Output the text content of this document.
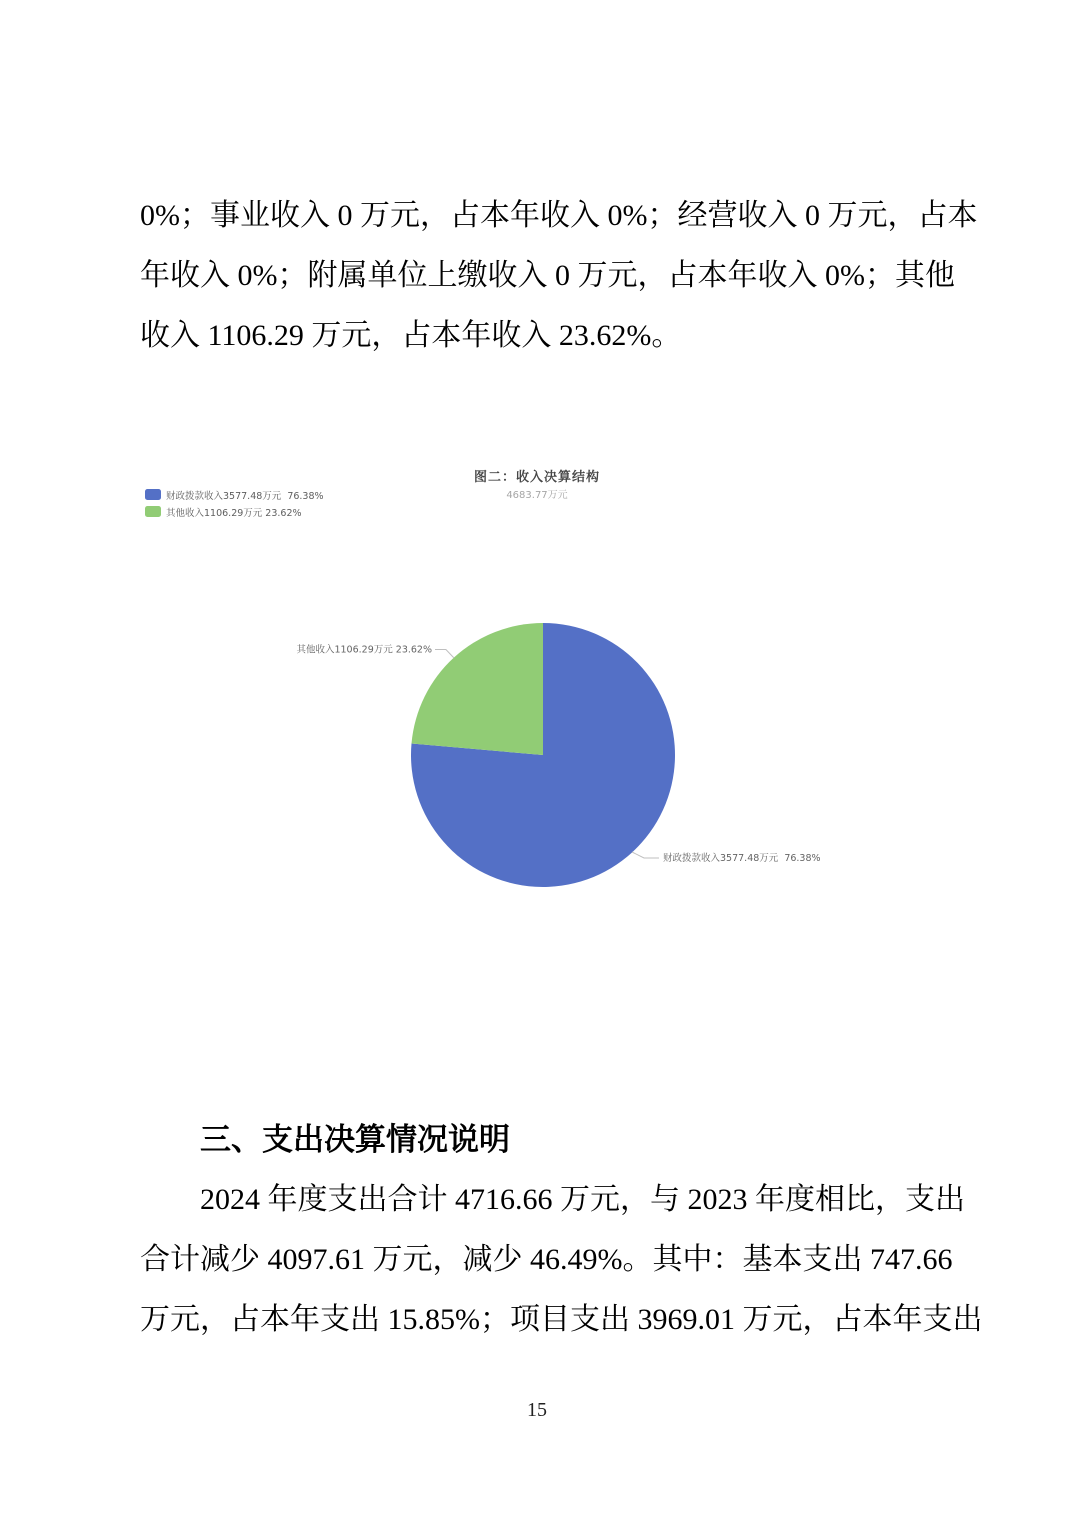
0%；事业收入 0 万元，占本年收入 0%；经营收入 0 万元，占本
年收入 0%；附属单位上缴收入 0 万元，占本年收入 0%；其他
收入 1106.29 万元，占本年收入 23.62%。
图二：收入决算结构
4683.77万元
财政拨款收入3577.48万元  76.38%
其他收入1106.29万元 23.62%
其他收入1106.29万元 23.62%
财政拨款收入3577.48万元  76.38%
三、支出决算情况说明
2024 年度支出合计 4716.66 万元，与 2023 年度相比，支出
合计减少 4097.61 万元，减少 46.49%。其中：基本支出 747.66
万元，占本年支出 15.85%；项目支出 3969.01 万元，占本年支出
15
